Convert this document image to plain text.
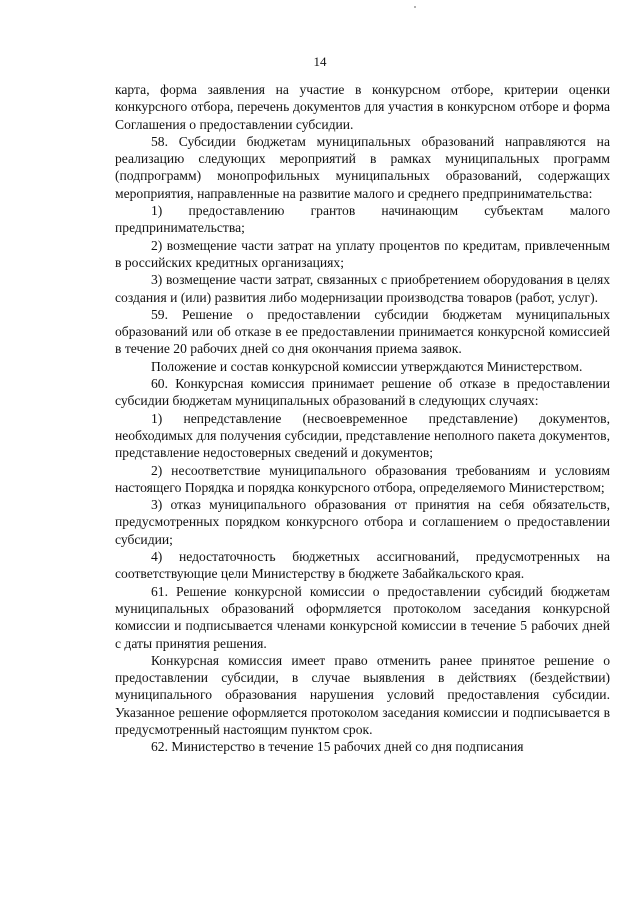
14

карта, форма заявления на участие в конкурсном отборе, критерии оценки конкурсного отбора, перечень документов для участия в конкурсном отборе и форма Соглашения о предоставлении субсидии.

58. Субсидии бюджетам муниципальных образований направляются на реализацию следующих мероприятий в рамках муниципальных программ (подпрограмм) монопрофильных муниципальных образований, содержащих мероприятия, направленные на развитие малого и среднего предпринимательства:

1) предоставлению грантов начинающим субъектам малого предпринимательства;

2) возмещение части затрат на уплату процентов по кредитам, привлеченным в российских кредитных организациях;

3) возмещение части затрат, связанных с приобретением оборудования в целях создания и (или) развития либо модернизации производства товаров (работ, услуг).

59. Решение о предоставлении субсидии бюджетам муниципальных образований или об отказе в ее предоставлении принимается конкурсной комиссией в течение 20 рабочих дней со дня окончания приема заявок.

Положение и состав конкурсной комиссии утверждаются Министерством.

60. Конкурсная комиссия принимает решение об отказе в предоставлении субсидии бюджетам муниципальных образований в следующих случаях:

1) непредставление (несвоевременное представление) документов, необходимых для получения субсидии, представление неполного пакета документов, представление недостоверных сведений и документов;

2) несоответствие муниципального образования требованиям и условиям настоящего Порядка и порядка конкурсного отбора, определяемого Министерством;

3) отказ муниципального образования от принятия на себя обязательств, предусмотренных порядком конкурсного отбора и соглашением о предоставлении субсидии;

4) недостаточность бюджетных ассигнований, предусмотренных на соответствующие цели Министерству в бюджете Забайкальского края.

61. Решение конкурсной комиссии о предоставлении субсидий бюджетам муниципальных образований оформляется протоколом заседания конкурсной комиссии и подписывается членами конкурсной комиссии в течение 5 рабочих дней с даты принятия решения.

Конкурсная комиссия имеет право отменить ранее принятое решение о предоставлении субсидии, в случае выявления в действиях (бездействии) муниципального образования нарушения условий предоставления субсидии. Указанное решение оформляется протоколом заседания комиссии и подписывается в предусмотренный настоящим пунктом срок.

62. Министерство в течение 15 рабочих дней со дня подписания
